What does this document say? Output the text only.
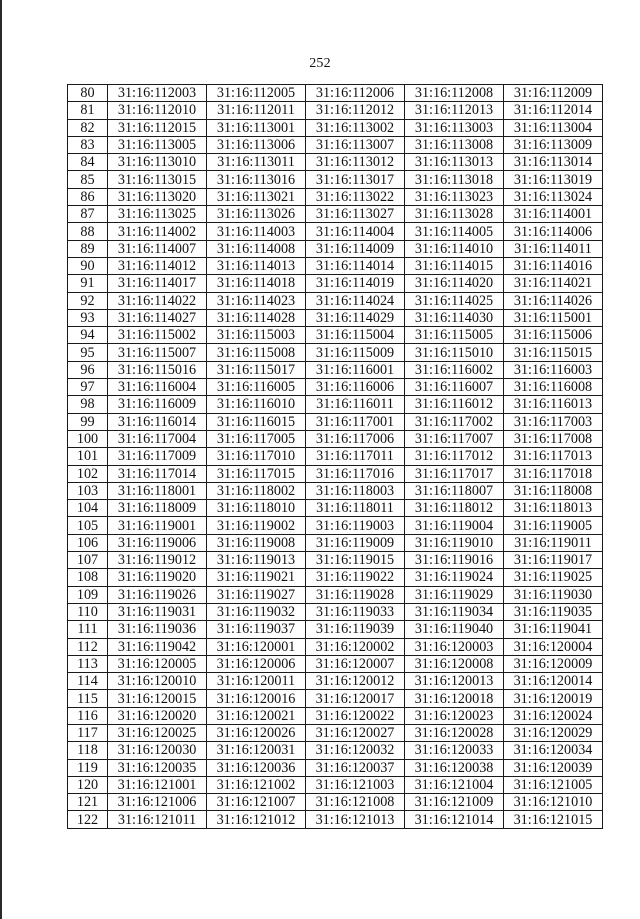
252
80	31:16:112003	31:16:112005	31:16:112006	31:16:112008	31:16:112009
81	31:16:112010	31:16:112011	31:16:112012	31:16:112013	31:16:112014
82	31:16:112015	31:16:113001	31:16:113002	31:16:113003	31:16:113004
83	31:16:113005	31:16:113006	31:16:113007	31:16:113008	31:16:113009
84	31:16:113010	31:16:113011	31:16:113012	31:16:113013	31:16:113014
85	31:16:113015	31:16:113016	31:16:113017	31:16:113018	31:16:113019
86	31:16:113020	31:16:113021	31:16:113022	31:16:113023	31:16:113024
87	31:16:113025	31:16:113026	31:16:113027	31:16:113028	31:16:114001
88	31:16:114002	31:16:114003	31:16:114004	31:16:114005	31:16:114006
89	31:16:114007	31:16:114008	31:16:114009	31:16:114010	31:16:114011
90	31:16:114012	31:16:114013	31:16:114014	31:16:114015	31:16:114016
91	31:16:114017	31:16:114018	31:16:114019	31:16:114020	31:16:114021
92	31:16:114022	31:16:114023	31:16:114024	31:16:114025	31:16:114026
93	31:16:114027	31:16:114028	31:16:114029	31:16:114030	31:16:115001
94	31:16:115002	31:16:115003	31:16:115004	31:16:115005	31:16:115006
95	31:16:115007	31:16:115008	31:16:115009	31:16:115010	31:16:115015
96	31:16:115016	31:16:115017	31:16:116001	31:16:116002	31:16:116003
97	31:16:116004	31:16:116005	31:16:116006	31:16:116007	31:16:116008
98	31:16:116009	31:16:116010	31:16:116011	31:16:116012	31:16:116013
99	31:16:116014	31:16:116015	31:16:117001	31:16:117002	31:16:117003
100	31:16:117004	31:16:117005	31:16:117006	31:16:117007	31:16:117008
101	31:16:117009	31:16:117010	31:16:117011	31:16:117012	31:16:117013
102	31:16:117014	31:16:117015	31:16:117016	31:16:117017	31:16:117018
103	31:16:118001	31:16:118002	31:16:118003	31:16:118007	31:16:118008
104	31:16:118009	31:16:118010	31:16:118011	31:16:118012	31:16:118013
105	31:16:119001	31:16:119002	31:16:119003	31:16:119004	31:16:119005
106	31:16:119006	31:16:119008	31:16:119009	31:16:119010	31:16:119011
107	31:16:119012	31:16:119013	31:16:119015	31:16:119016	31:16:119017
108	31:16:119020	31:16:119021	31:16:119022	31:16:119024	31:16:119025
109	31:16:119026	31:16:119027	31:16:119028	31:16:119029	31:16:119030
110	31:16:119031	31:16:119032	31:16:119033	31:16:119034	31:16:119035
111	31:16:119036	31:16:119037	31:16:119039	31:16:119040	31:16:119041
112	31:16:119042	31:16:120001	31:16:120002	31:16:120003	31:16:120004
113	31:16:120005	31:16:120006	31:16:120007	31:16:120008	31:16:120009
114	31:16:120010	31:16:120011	31:16:120012	31:16:120013	31:16:120014
115	31:16:120015	31:16:120016	31:16:120017	31:16:120018	31:16:120019
116	31:16:120020	31:16:120021	31:16:120022	31:16:120023	31:16:120024
117	31:16:120025	31:16:120026	31:16:120027	31:16:120028	31:16:120029
118	31:16:120030	31:16:120031	31:16:120032	31:16:120033	31:16:120034
119	31:16:120035	31:16:120036	31:16:120037	31:16:120038	31:16:120039
120	31:16:121001	31:16:121002	31:16:121003	31:16:121004	31:16:121005
121	31:16:121006	31:16:121007	31:16:121008	31:16:121009	31:16:121010
122	31:16:121011	31:16:121012	31:16:121013	31:16:121014	31:16:121015
